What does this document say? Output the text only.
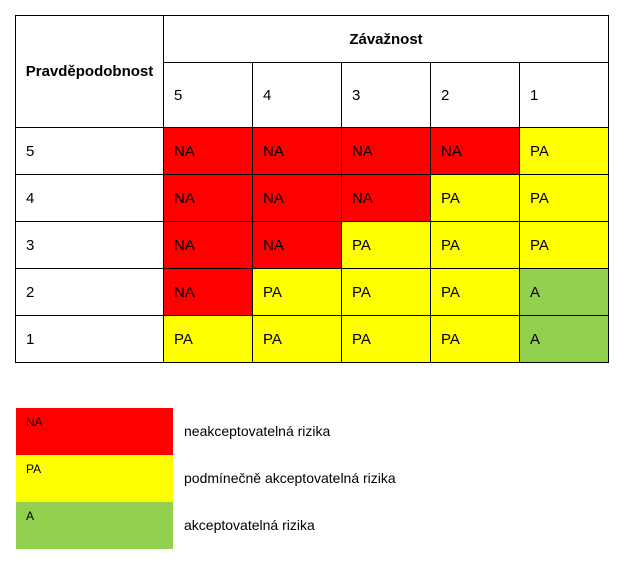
Pravděpodobnost	Závažnost				
	5	4	3	2	1
5	NA	NA	NA	NA	PA
4	NA	NA	NA	PA	PA
3	NA	NA	PA	PA	PA
2	NA	PA	PA	PA	A
1	PA	PA	PA	PA	A
NA
neakceptovatelná rizika
PA
podmínečně akceptovatelná rizika
A
akceptovatelná rizika
